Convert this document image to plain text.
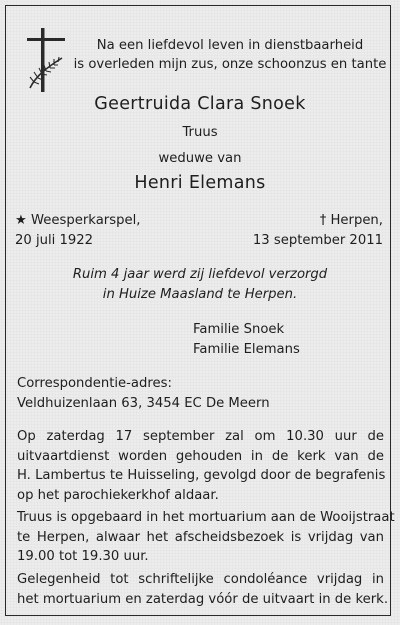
Na een liefdevol leven in dienstbaarheid
is overleden mijn zus, onze schoonzus en tante
Geertruida Clara Snoek
Truus
weduwe van
Henri Elemans
★ Weesperkarspel,
20 juli 1922
† Herpen,
13 september 2011
Ruim 4 jaar werd zij liefdevol verzorgd
in Huize Maasland te Herpen.
Familie Snoek
Familie Elemans
Correspondentie-adres:
Veldhuizenlaan 63, 3454 EC De Meern
Op zaterdag 17 september zal om 10.30 uur de
uitvaartdienst worden gehouden in de kerk van de
H. Lambertus te Huisseling, gevolgd door de begrafenis
op het parochiekerkhof aldaar.
Truus is opgebaard in het mortuarium aan de Wooijstraat
te Herpen, alwaar het afscheidsbezoek is vrijdag van
19.00 tot 19.30 uur.
Gelegenheid tot schriftelijke condoléance vrijdag in
het mortuarium en zaterdag vóór de uitvaart in de kerk.
